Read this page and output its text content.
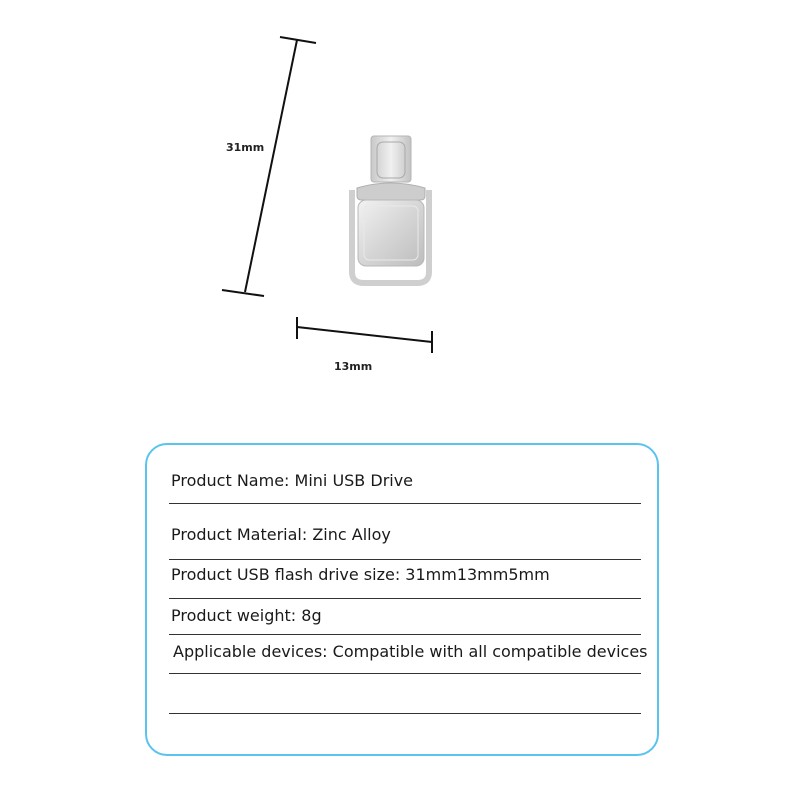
31mm
13mm
Product Name: Mini USB Drive
Product Material: Zinc Alloy
Product USB flash drive size: 31mm13mm5mm
Product weight: 8g
Applicable devices: Compatible with all compatible devices
